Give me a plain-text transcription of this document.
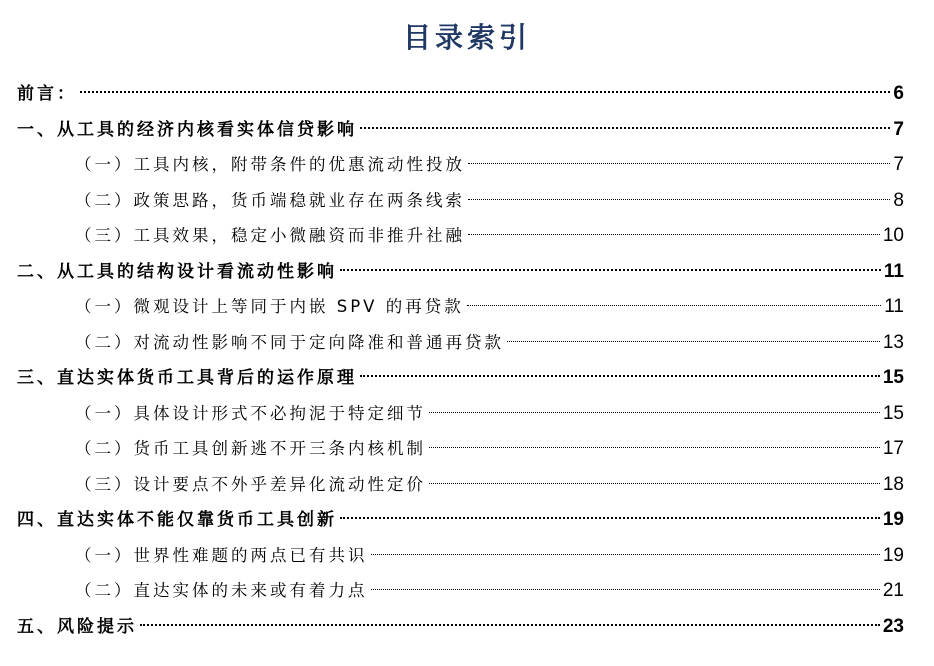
目录索引
前言：	6
一、从工具的经济内核看实体信贷影响	7
（一）工具内核，附带条件的优惠流动性投放	7
（二）政策思路，货币端稳就业存在两条线索	8
（三）工具效果，稳定小微融资而非推升社融	10
二、从工具的结构设计看流动性影响	11
（一）微观设计上等同于内嵌 SPV 的再贷款	11
（二）对流动性影响不同于定向降准和普通再贷款	13
三、直达实体货币工具背后的运作原理	15
（一）具体设计形式不必拘泥于特定细节	15
（二）货币工具创新逃不开三条内核机制	17
（三）设计要点不外乎差异化流动性定价	18
四、直达实体不能仅靠货币工具创新	19
（一）世界性难题的两点已有共识	19
（二）直达实体的未来或有着力点	21
五、风险提示	23
